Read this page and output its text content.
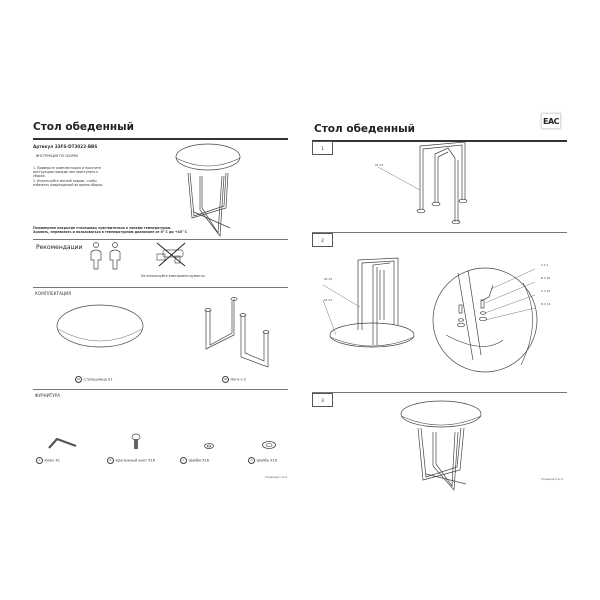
Стол обеденный
Артикул 33FS-DT3022-BBS
ИНСТРУКЦИЯ ПО СБОРКЕ
1. Проверьте комплектацию и прочтите
инструкцию прежде чем приступать к
сборке.
2. Используйте мягкий коврик, чтобы
избежать повреждений во время сборки.
Полимерное покрытие столешниц чувствительно к низким температурам.
Хранить, перевозить и пользоваться в температурном диапазоне от 0° С до +40° С
Рекомендации
Не используйте электроинструменты
КОМПЛЕКТАЦИЯ
01 Столешница X1	02 Ноги x 2
ФУРНИТУРА
A Ключ X1	B Крепежный винт X16	C Шайба X16	D Шайба X16
Страница 1 из 2
EAC
Стол обеденный
1
02 X2
2
02 X2
01 X1
A X 1
B X 16
C X 16
D X 16
3
Страница 2 из 2
